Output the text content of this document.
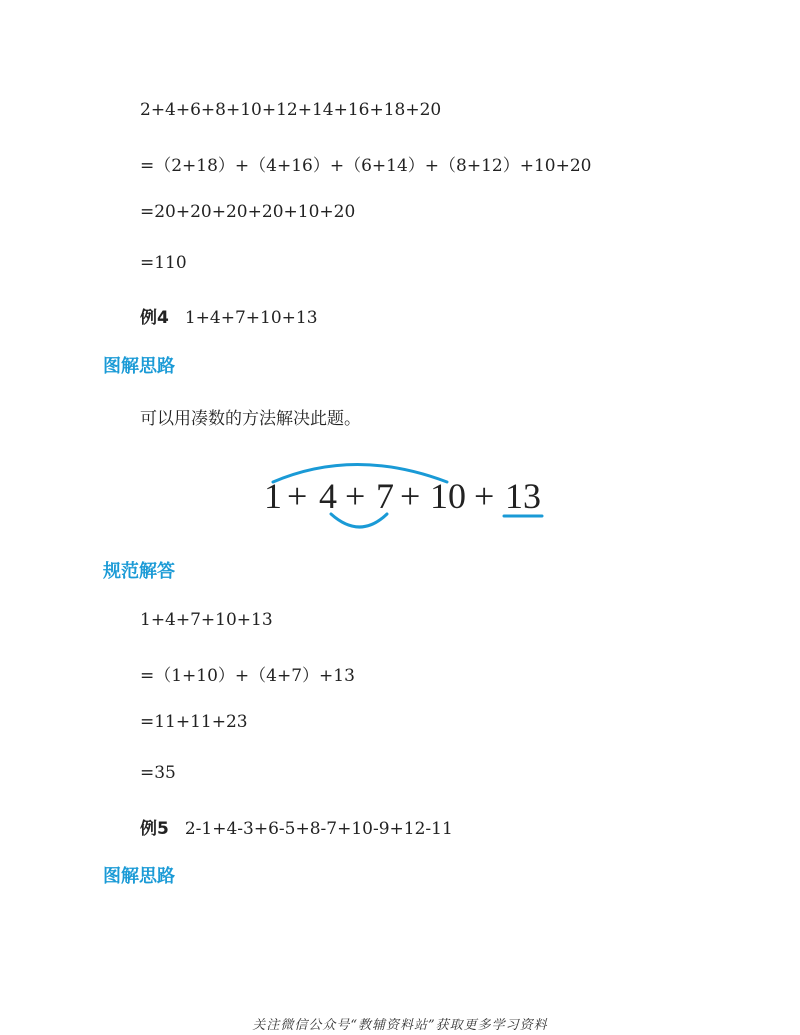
2+4+6+8+10+12+14+16+18+20
=（2+18）+（4+16）+（6+14）+（8+12）+10+20
=20+20+20+20+10+20
=110
例4 1+4+7+10+13
图解思路
可以用凑数的方法解决此题。
1 + 4 + 7 + 10 + 13
规范解答
1+4+7+10+13
=（1+10）+（4+7）+13
=11+11+23
=35
例5 2-1+4-3+6-5+8-7+10-9+12-11
图解思路
关注微信公众号“教辅资料站”获取更多学习资料
